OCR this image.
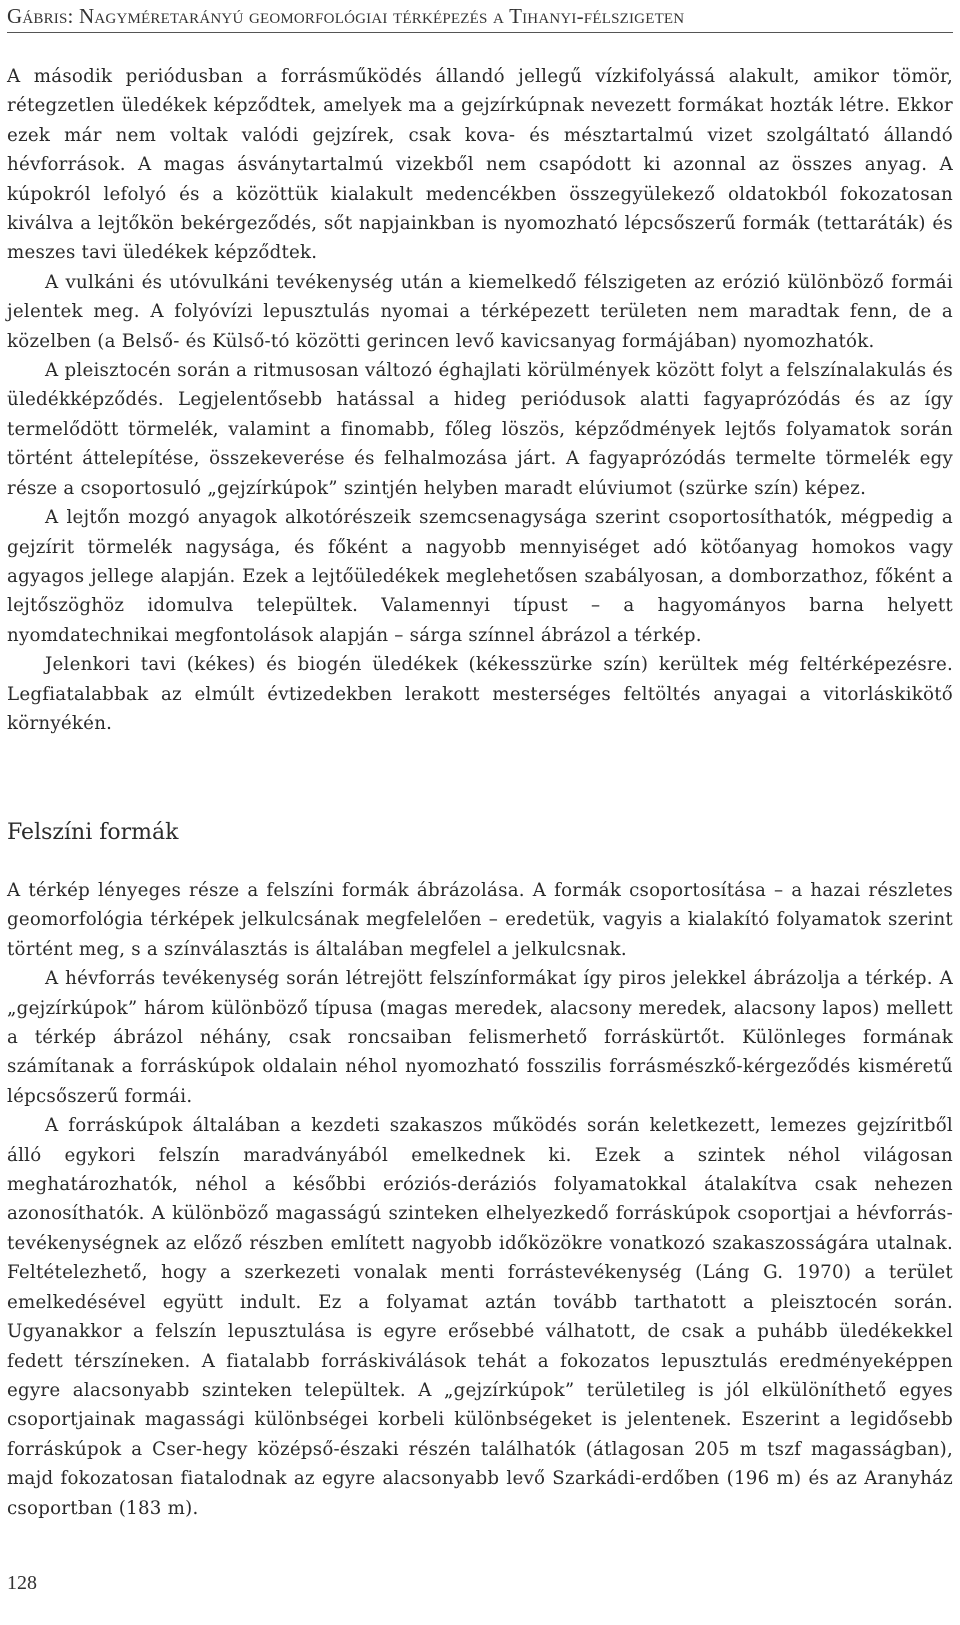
Gábris: Nagyméretarányú geomorfológiai térképezés a Tihanyi-félszigeten

A második periódusban a forrásműködés állandó jellegű vízkifolyássá alakult, amikor tömör, rétegzetlen üledékek képződtek, amelyek ma a gejzírkúpnak nevezett formákat hozták létre. Ekkor ezek már nem voltak valódi gejzírek, csak kova- és mésztartalmú vizet szolgáltató állandó hévforrások. A magas ásványtartalmú vizekből nem csapódott ki azonnal az összes anyag. A kúpokról lefolyó és a közöttük kialakult medencékben összegyülekező oldatokból fokozatosan kiválva a lejtőkön bekérgeződés, sőt napjainkban is nyomozható lépcsőszerű formák (tettaráták) és meszes tavi üledékek képződtek.

A vulkáni és utóvulkáni tevékenység után a kiemelkedő félszigeten az erózió különböző formái jelentek meg. A folyóvízi lepusztulás nyomai a térképezett területen nem maradtak fenn, de a közelben (a Belső- és Külső-tó közötti gerincen levő kavicsanyag formájában) nyomozhatók.

A pleisztocén során a ritmusosan változó éghajlati körülmények között folyt a felszínalakulás és üledékképződés. Legjelentősebb hatással a hideg periódusok alatti fagyaprózódás és az így termelődött törmelék, valamint a finomabb, főleg löszös, képződmények lejtős folyamatok során történt áttelepítése, összekeverése és felhalmozása járt. A fagyaprózódás termelte törmelék egy része a csoportosuló „gejzírkúpok” szintjén helyben maradt elúviumot (szürke szín) képez.

A lejtőn mozgó anyagok alkotórészeik szemcsenagysága szerint csoportosíthatók, mégpedig a gejzírit törmelék nagysága, és főként a nagyobb mennyiséget adó kötőanyag homokos vagy agyagos jellege alapján. Ezek a lejtőüledékek meglehetősen szabályosan, a domborzathoz, főként a lejtőszöghöz idomulva települtek. Valamennyi típust – a hagyományos barna helyett nyomdatechnikai megfontolások alapján – sárga színnel ábrázol a térkép.

Jelenkori tavi (kékes) és biogén üledékek (kékesszürke szín) kerültek még feltérképezésre. Legfiatalabbak az elmúlt évtizedekben lerakott mesterséges feltöltés anyagai a vitorláskikötő környékén.

Felszíni formák

A térkép lényeges része a felszíni formák ábrázolása. A formák csoportosítása – a hazai részletes geomorfológia térképek jelkulcsának megfelelően – eredetük, vagyis a kialakító folyamatok szerint történt meg, s a színválasztás is általában megfelel a jelkulcsnak.

A hévforrás tevékenység során létrejött felszínformákat így piros jelekkel ábrázolja a térkép. A „gejzírkúpok” három különböző típusa (magas meredek, alacsony meredek, alacsony lapos) mellett a térkép ábrázol néhány, csak roncsaiban felismerhető forráskürtőt. Különleges formának számítanak a forráskúpok oldalain néhol nyomozható fosszilis forrásmészkő-kérgeződés kisméretű lépcsőszerű formái.

A forráskúpok általában a kezdeti szakaszos működés során keletkezett, lemezes gejzíritből álló egykori felszín maradványából emelkednek ki. Ezek a szintek néhol világosan meghatározhatók, néhol a későbbi eróziós-deráziós folyamatokkal átalakítva csak nehezen azonosíthatók. A különböző magasságú szinteken elhelyezkedő forráskúpok csoportjai a hévforrás-tevékenységnek az előző részben említett nagyobb időközökre vonatkozó szakaszosságára utalnak. Feltételezhető, hogy a szerkezeti vonalak menti forrástevékenység (Láng G. 1970) a terület emelkedésével együtt indult. Ez a folyamat aztán tovább tarthatott a pleisztocén során. Ugyanakkor a felszín lepusztulása is egyre erősebbé válhatott, de csak a puhább üledékekkel fedett térszíneken. A fiatalabb forráskiválások tehát a fokozatos lepusztulás eredményeképpen egyre alacsonyabb szinteken települtek. A „gejzírkúpok” területileg is jól elkülöníthető egyes csoportjainak magassági különbségei korbeli különbségeket is jelentenek. Eszerint a legidősebb forráskúpok a Cser-hegy középső-északi részén találhatók (átlagosan 205 m tszf magasságban), majd fokozatosan fiatalodnak az egyre alacsonyabb levő Szarkádi-erdőben (196 m) és az Aranyház csoportban (183 m).

128
